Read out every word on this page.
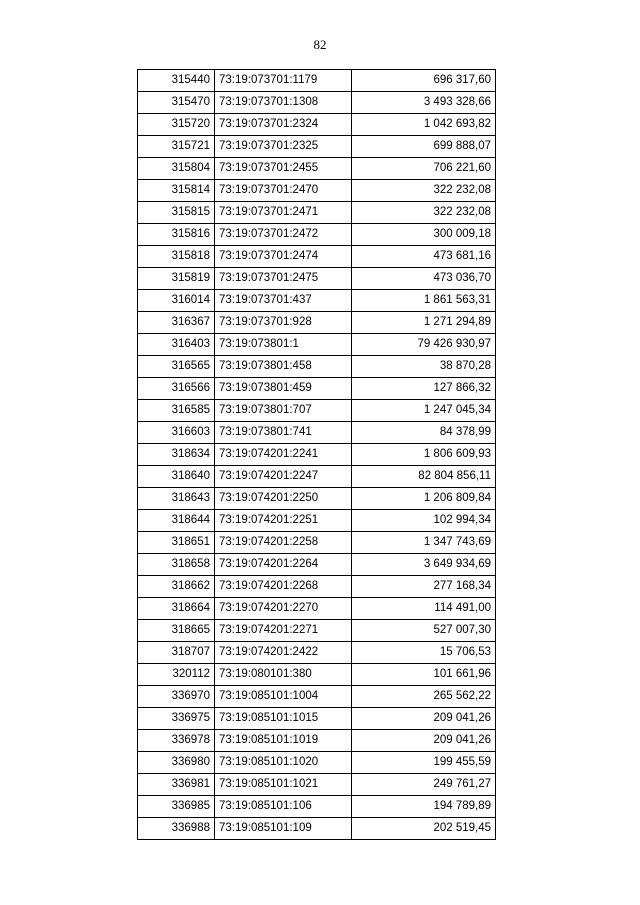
82
315440	73:19:073701:1179	696 317,60
315470	73:19:073701:1308	3 493 328,66
315720	73:19:073701:2324	1 042 693,82
315721	73:19:073701:2325	699 888,07
315804	73:19:073701:2455	706 221,60
315814	73:19:073701:2470	322 232,08
315815	73:19:073701:2471	322 232,08
315816	73:19:073701:2472	300 009,18
315818	73:19:073701:2474	473 681,16
315819	73:19:073701:2475	473 036,70
316014	73:19:073701:437	1 861 563,31
316367	73:19:073701:928	1 271 294,89
316403	73:19:073801:1	79 426 930,97
316565	73:19:073801:458	38 870,28
316566	73:19:073801:459	127 866,32
316585	73:19:073801:707	1 247 045,34
316603	73:19:073801:741	84 378,99
318634	73:19:074201:2241	1 806 609,93
318640	73:19:074201:2247	82 804 856,11
318643	73:19:074201:2250	1 206 809,84
318644	73:19:074201:2251	102 994,34
318651	73:19:074201:2258	1 347 743,69
318658	73:19:074201:2264	3 649 934,69
318662	73:19:074201:2268	277 168,34
318664	73:19:074201:2270	114 491,00
318665	73:19:074201:2271	527 007,30
318707	73:19:074201:2422	15 706,53
320112	73:19:080101:380	101 661,96
336970	73:19:085101:1004	265 562,22
336975	73:19:085101:1015	209 041,26
336978	73:19:085101:1019	209 041,26
336980	73:19:085101:1020	199 455,59
336981	73:19:085101:1021	249 761,27
336985	73:19:085101:106	194 789,89
336988	73:19:085101:109	202 519,45
